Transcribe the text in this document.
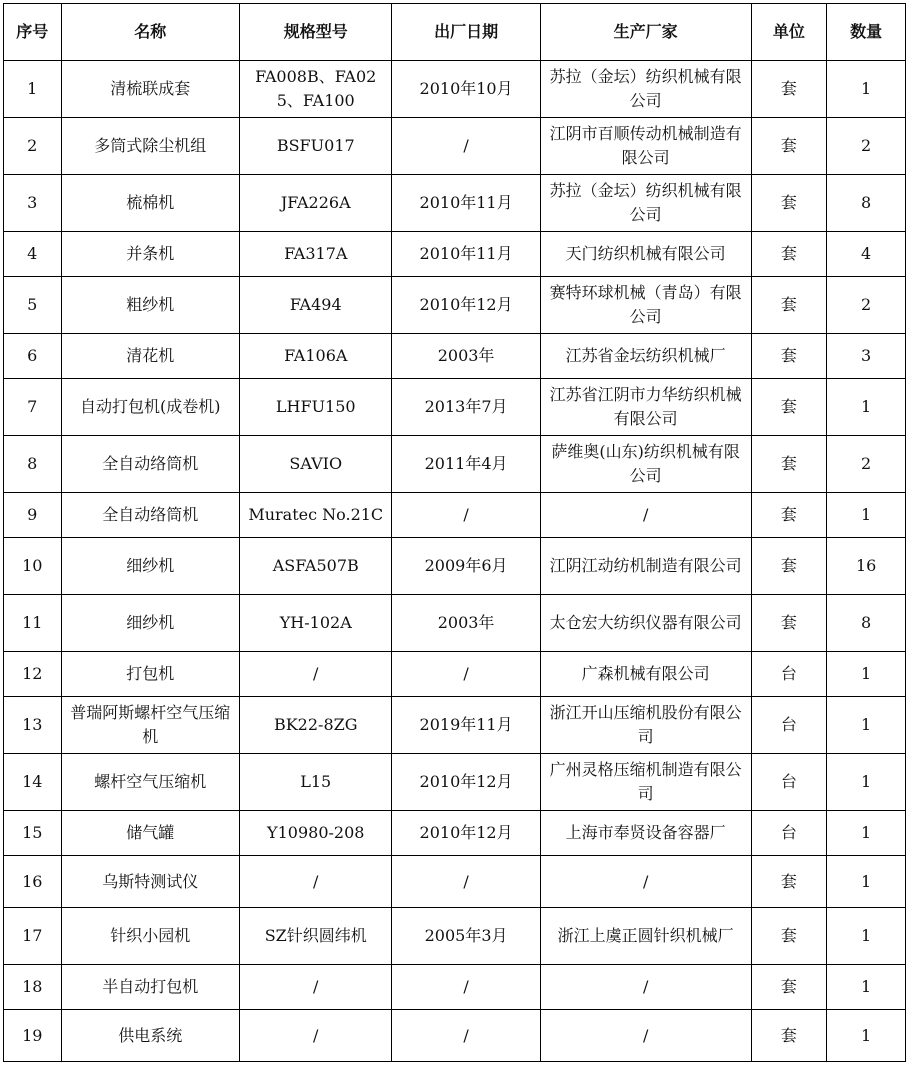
序号	名称	规格型号	出厂日期	生产厂家	单位	数量
1	清梳联成套	FA008B、FA025、FA100	2010年10月	苏拉（金坛）纺织机械有限公司	套	1
2	多筒式除尘机组	BSFU017	/	江阴市百顺传动机械制造有限公司	套	2
3	梳棉机	JFA226A	2010年11月	苏拉（金坛）纺织机械有限公司	套	8
4	并条机	FA317A	2010年11月	天门纺织机械有限公司	套	4
5	粗纱机	FA494	2010年12月	赛特环球机械（青岛）有限公司	套	2
6	清花机	FA106A	2003年	江苏省金坛纺织机械厂	套	3
7	自动打包机(成卷机)	LHFU150	2013年7月	江苏省江阴市力华纺织机械有限公司	套	1
8	全自动络筒机	SAVIO	2011年4月	萨维奥(山东)纺织机械有限公司	套	2
9	全自动络筒机	Muratec No.21C	/	/	套	1
10	细纱机	ASFA507B	2009年6月	江阴江动纺机制造有限公司	套	16
11	细纱机	YH-102A	2003年	太仓宏大纺织仪器有限公司	套	8
12	打包机	/	/	广森机械有限公司	台	1
13	普瑞阿斯螺杆空气压缩机	BK22-8ZG	2019年11月	浙江开山压缩机股份有限公司	台	1
14	螺杆空气压缩机	L15	2010年12月	广州灵格压缩机制造有限公司	台	1
15	储气罐	Y10980-208	2010年12月	上海市奉贤设备容器厂	台	1
16	乌斯特测试仪	/	/	/	套	1
17	针织小园机	SZ针织圆纬机	2005年3月	浙江上虞正圆针织机械厂	套	1
18	半自动打包机	/	/	/	套	1
19	供电系统	/	/	/	套	1
